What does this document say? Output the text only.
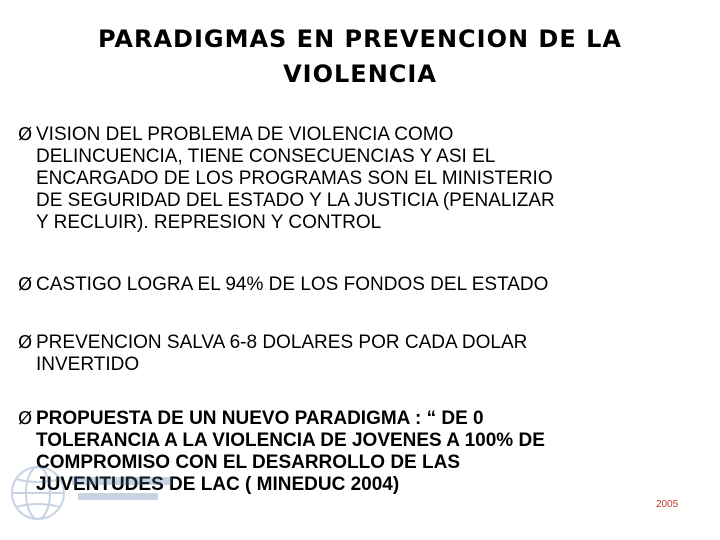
PARADIGMAS EN PREVENCION DE LA
VIOLENCIA
Ø VISION DEL PROBLEMA DE VIOLENCIA COMO
DELINCUENCIA, TIENE CONSECUENCIAS Y ASI EL
ENCARGADO DE LOS PROGRAMAS SON EL MINISTERIO
DE SEGURIDAD DEL ESTADO Y LA JUSTICIA (PENALIZAR
Y RECLUIR). REPRESION Y CONTROL
Ø CASTIGO LOGRA EL 94% DE LOS FONDOS DEL ESTADO
Ø PREVENCION SALVA 6-8 DOLARES POR CADA DOLAR
INVERTIDO
Ø PROPUESTA DE UN NUEVO PARADIGMA : “ DE 0
TOLERANCIA A LA VIOLENCIA DE JOVENES A 100% DE
COMPROMISO CON EL DESARROLLO DE LAS
DE LAC ( MINEDUC 2004)
2005
